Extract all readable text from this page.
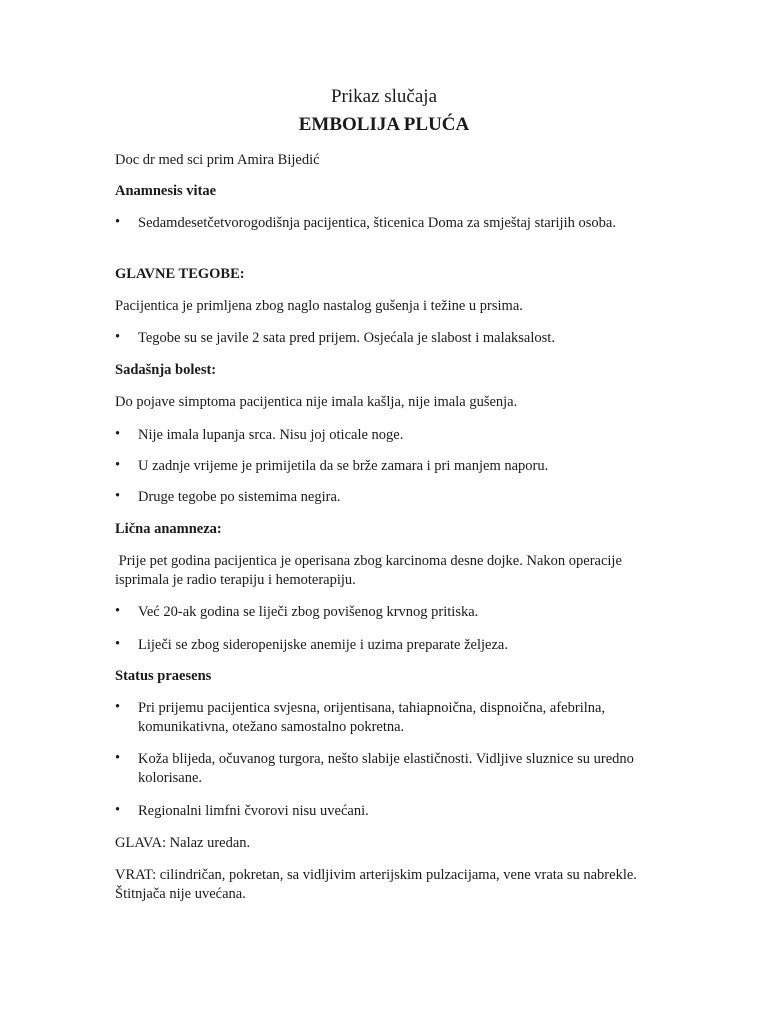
Prikaz slučaja
EMBOLIJA PLUĆA
Doc dr med sci prim Amira Bijedić
Anamnesis vitae
• Sedamdesetčetvorogodišnja pacijentica, šticenica Doma za smještaj starijih osoba.
GLAVNE TEGOBE:
Pacijentica je primljena zbog naglo nastalog gušenja i težine u prsima.
• Tegobe su se javile 2 sata pred prijem. Osjećala je slabost i malaksalost.
Sadašnja bolest:
Do pojave simptoma pacijentica nije imala kašlja, nije imala gušenja.
• Nije imala lupanja srca. Nisu joj oticale noge.
• U zadnje vrijeme je primijetila da se brže zamara i pri manjem naporu.
• Druge tegobe po sistemima negira.
Lična anamneza:
Prije pet godina pacijentica je operisana zbog karcinoma desne dojke. Nakon operacije isprimala je radio terapiju i hemoterapiju.
• Već 20-ak godina se liječi zbog povišenog krvnog pritiska.
• Liječi se zbog sideropenijske anemije i uzima preparate željeza.
Status praesens
• Pri prijemu pacijentica svjesna, orijentisana, tahiapnoična, dispnoična, afebrilna, komunikativna, otežano samostalno pokretna.
• Koža blijeda, očuvanog turgora, nešto slabije elastičnosti. Vidljive sluznice su uredno kolorisane.
• Regionalni limfni čvorovi nisu uvećani.
GLAVA: Nalaz uredan.
VRAT: cilindričan, pokretan, sa vidljivim arterijskim pulzacijama, vene vrata su nabrekle. Štitnjača nije uvećana.
